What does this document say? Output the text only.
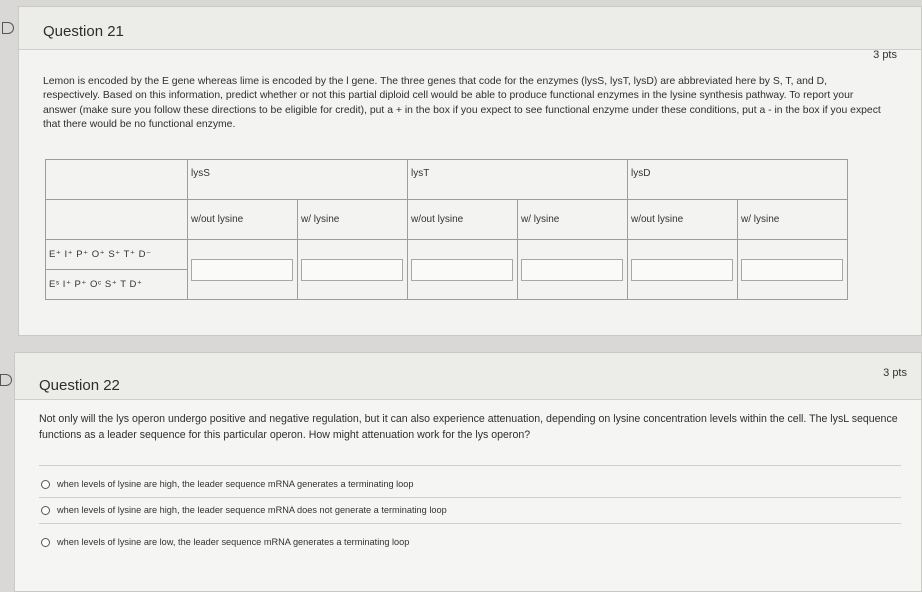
Question 21
3 pts
Lemon is encoded by the E gene whereas lime is encoded by the l gene. The three genes that code for the enzymes (lysS, lysT, lysD) are abbreviated here by S, T, and D, respectively. Based on this information, predict whether or not this partial diploid cell would be able to produce functional enzymes in the lysine synthesis pathway. To report your answer (make sure you follow these directions to be eligible for credit), put a + in the box if you expect to see functional enzyme under these conditions, put a - in the box if you expect that there would be no functional enzyme.
	lysS		lysT		lysD	
	w/out lysine	w/ lysine	w/out lysine	w/ lysine	w/out lysine	w/ lysine
E⁺ I⁺ P⁺ O⁺ S⁺ T⁺ D⁻	

Eˢ I⁺ P⁺ Oᶜ S⁺ T D⁺						
Question 22
3 pts
Not only will the lys operon undergo positive and negative regulation, but it can also experience attenuation, depending on lysine concentration levels within the cell. The lysL sequence functions as a leader sequence for this particular operon. How might attenuation work for the lys operon?
when levels of lysine are high, the leader sequence mRNA generates a terminating loop
when levels of lysine are high, the leader sequence mRNA does not generate a terminating loop
when levels of lysine are low, the leader sequence mRNA generates a terminating loop
